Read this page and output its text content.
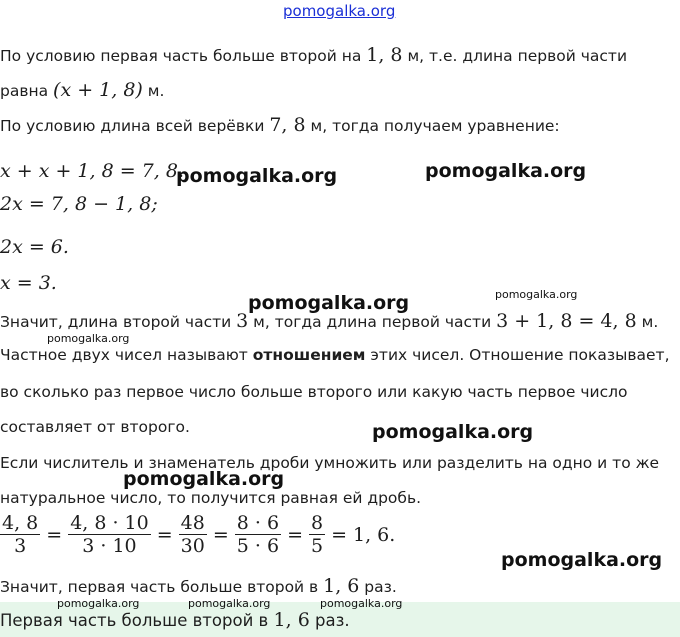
pomogalka.org
По условию первая часть больше второй на 1, 8 м, т.е. длина первой части
равна (x + 1, 8) м.
По условию длина всей верёвки 7, 8 м, тогда получаем уравнение:
x + x + 1, 8 = 7, 8.
2x = 7, 8 − 1, 8;
2x = 6.
x = 3.
Значит, длина второй части 3 м, тогда длина первой части 3 + 1, 8 = 4, 8 м.
Частное двух чисел называют отношением этих чисел. Отношение показывает,
во сколько раз первое число больше второго или какую часть первое число
составляет от второго.
Если числитель и знаменатель дроби умножить или разделить на одно и то же
натуральное число, то получится равная ей дробь.
$\frac{4, 8}{3} = \frac{4, 8 \cdot 10}{3 \cdot 10} = \frac{48}{30} = \frac{8 \cdot 6}{5 \cdot 6} = \frac{8}{5} = 1$, 6.
Значит, первая часть больше второй в 1, 6 раз.
Первая часть больше второй в 1, 6 раз.
pomogalka.org	pomogalka.org
pomogalka.org	pomogalka.org
pomogalka.org
pomogalka.org
pomogalka.org
pomogalka.org
pomogalka.org	pomogalka.org	pomogalka.org
